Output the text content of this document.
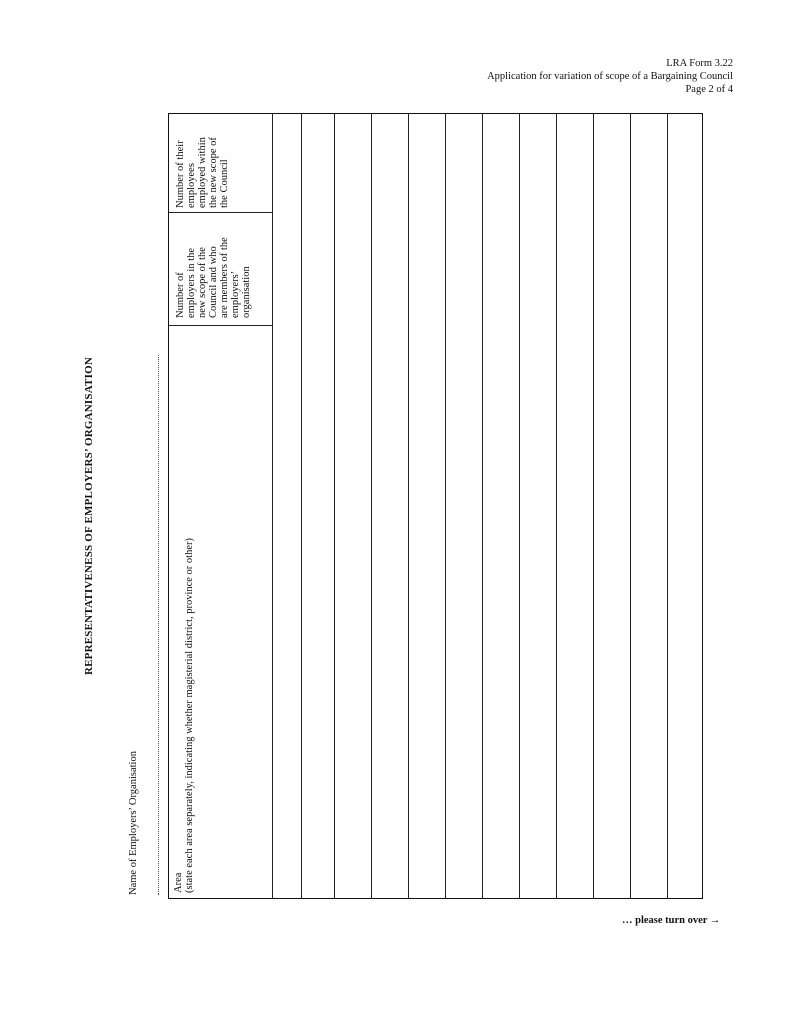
LRA Form 3.22
Application for variation of scope of a Bargaining Council
Page 2 of 4
REPRESENTATIVENESS OF EMPLOYERS’ ORGANISATION
Name of Employers’ Organisation	Area (state each area separately, indicating whether magisterial district, province or other)
Number of employers in the new scope of the Council and who are members of the employers’ organisation
Number of their employees employed within the new scope of the Council
… please turn over →
